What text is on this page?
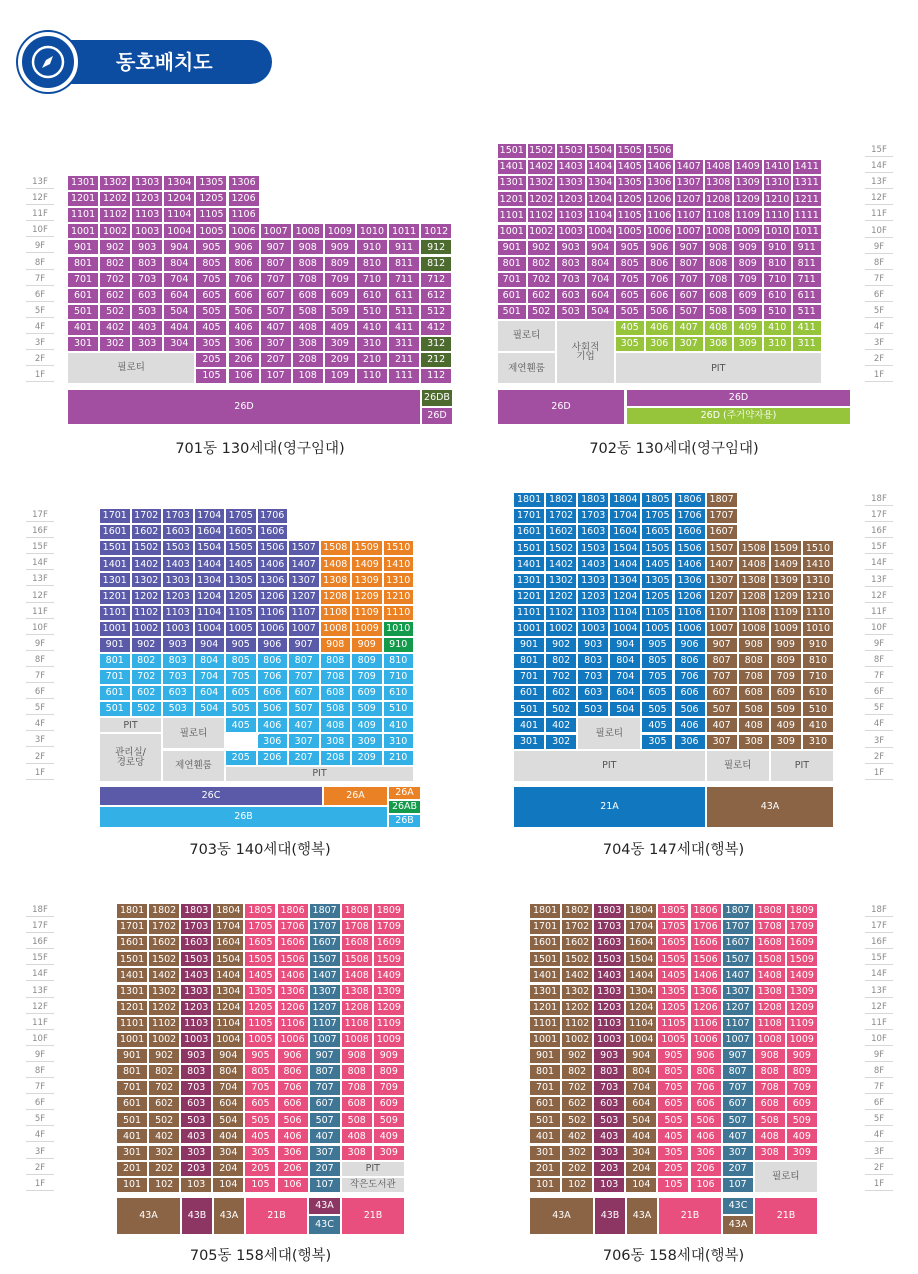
동호배치도
13F
12F
11F
10F
9F
8F
7F
6F
5F
4F
3F
2F
1F
1301 1302 1303 1304 1305 1306
1201 1202 1203 1204 1205 1206
1101 1102 1103 1104 1105 1106
1001 1002 1003 1004 1005 1006 1007 1008 1009 1010 1011 1012
901	902	903	904	905	906	907	908	909	910	911	912
801	802	803	804	805	806	807	808	809	810	811	812
701	702	703	704	705	706	707	708	709	710	711	712
601	602	603	604	605	606	607	608	609	610	611	612
501	502	503	504	505	506	507	508	509	510	511	512
401	402	403	404	405	406	407	408	409	410	411	412
301	302	303	304	305	306	307	308	309	310	311	312
205	206	207	208	209	210	211	212
105	106	107	108	109	110	111	112
필로티
26D
26DB
26D
701동 130세대(영구임대)
15F
14F
13F
12F
11F
10F
9F
8F
7F
6F
5F
4F
3F
2F
1F
1501 1502 1503 1504 1505 1506
1401 1402 1403 1404 1405 1406 1407 1408 1409 1410 1411
1301 1302 1303 1304 1305 1306 1307 1308 1309 1310 1311
1201 1202 1203 1204 1205 1206 1207 1208 1209 1210 1211
1101 1102 1103 1104 1105 1106 1107 1108 1109 1110 1111
1001 1002 1003 1004 1005 1006 1007 1008 1009 1010 1011
901	902	903	904	905	906	907	908	909	910	911
801	802	803	804	805	806	807	808	809	810	811
701	702	703	704	705	706	707	708	709	710	711
601	602	603	604	605	606	607	608	609	610	611
501	502	503	504	505	506	507	508	509	510	511
405	406	407	408	409	410	411
305	306	307	308	309	310	311
필로티
제연휀룸
사회적
기업
PIT
26D
26D
26D (주거약자용)
702동 130세대(영구임대)
17F
16F
15F
14F
13F
12F
11F
10F
9F
8F
7F
6F
5F
4F
3F
2F
1F
1701 1702 1703 1704 1705 1706
1601 1602 1603 1604 1605 1606
1501 1502 1503 1504 1505 1506 1507 1508 1509 1510
1401 1402 1403 1404 1405 1406 1407 1408 1409 1410
1301 1302 1303 1304 1305 1306 1307 1308 1309 1310
1201 1202 1203 1204 1205 1206 1207 1208 1209 1210
1101 1102 1103 1104 1105 1106 1107 1108 1109 1110
1001 1002 1003 1004 1005 1006 1007 1008 1009 1010
901	902	903	904	905	906	907	908	909	910
801	802	803	804	805	806	807	808	809	810
701	702	703	704	705	706	707	708	709	710
601	602	603	604	605	606	607	608	609	610
501	502	503	504	505	506	507	508	509	510
405	406	407	408	409	410
306	307	308	309	310
205	206	207	208	209	210
PIT
필로티
관리실/
경로당	제연휀룸
PIT
26C	26A	26A
26AB
26B	26B
703동 140세대(행복)
18F
17F
16F
15F
14F
13F
12F
11F
10F
9F
8F
7F
6F
5F
4F
3F
2F
1F
1801 1802 1803 1804 1805 1806 1807
1701 1702 1703 1704 1705 1706 1707
1601 1602 1603 1604 1605 1606 1607
1501 1502 1503 1504 1505 1506 1507 1508 1509 1510
1401 1402 1403 1404 1405 1406 1407 1408 1409 1410
1301 1302 1303 1304 1305 1306 1307 1308 1309 1310
1201 1202 1203 1204 1205 1206 1207 1208 1209 1210
1101 1102 1103 1104 1105 1106 1107 1108 1109 1110
1001 1002 1003 1004 1005 1006 1007 1008 1009 1010
901	902	903	904	905	906	907	908	909	910
801	802	803	804	805	806	807	808	809	810
701	702	703	704	705	706	707	708	709	710
601	602	603	604	605	606	607	608	609	610
501	502	503	504	505	506	507	508	509	510
401	402	405	406	407	408	409	410
301	302	305	306	307	308	309	310
필로티
PIT	필로티	PIT
21A	43A
704동 147세대(행복)
18F
17F
16F
15F
14F
13F
12F
11F
10F
9F
8F
7F
6F
5F
4F
3F
2F
1F
1801 1802 1803 1804 1805 1806 1807 1808 1809
1701 1702 1703 1704 1705 1706 1707 1708 1709
1601 1602 1603 1604 1605 1606 1607 1608 1609
1501 1502 1503 1504 1505 1506 1507 1508 1509
1401 1402 1403 1404 1405 1406 1407 1408 1409
1301 1302 1303 1304 1305 1306 1307 1308 1309
1201 1202 1203 1204 1205 1206 1207 1208 1209
1101 1102 1103 1104 1105 1106 1107 1108 1109
1001 1002 1003 1004 1005 1006 1007 1008 1009
901	902	903	904	905	906	907	908	909
801	802	803	804	805	806	807	808	809
701	702	703	704	705	706	707	708	709
601	602	603	604	605	606	607	608	609
501	502	503	504	505	506	507	508	509
401	402	403	404	405	406	407	408	409
301	302	303	304	305	306	307	308	309
201	202	203	204	205	206	207
101	102	103	104	105	106	107
PIT
작은도서관
43A	43B	43A	21B
43A
43C
21B
705동 158세대(행복)
18F
17F
16F
15F
14F
13F
12F
11F
10F
9F
8F
7F
6F
5F
4F
3F
2F
1F
1801 1802 1803 1804 1805 1806 1807 1808 1809
1701 1702 1703 1704 1705 1706 1707 1708 1709
1601 1602 1603 1604 1605 1606 1607 1608 1609
1501 1502 1503 1504 1505 1506 1507 1508 1509
1401 1402 1403 1404 1405 1406 1407 1408 1409
1301 1302 1303 1304 1305 1306 1307 1308 1309
1201 1202 1203 1204 1205 1206 1207 1208 1209
1101 1102 1103 1104 1105 1106 1107 1108 1109
1001 1002 1003 1004 1005 1006 1007 1008 1009
901	902	903	904	905	906	907	908	909
801	802	803	804	805	806	807	808	809
701	702	703	704	705	706	707	708	709
601	602	603	604	605	606	607	608	609
501	502	503	504	505	506	507	508	509
401	402	403	404	405	406	407	408	409
301	302	303	304	305	306	307	308	309
201	202	203	204	205	206	207
101	102	103	104	105	106	107
필로티
43A	43B	43A	21B
43C
43A
21B
706동 158세대(행복)
